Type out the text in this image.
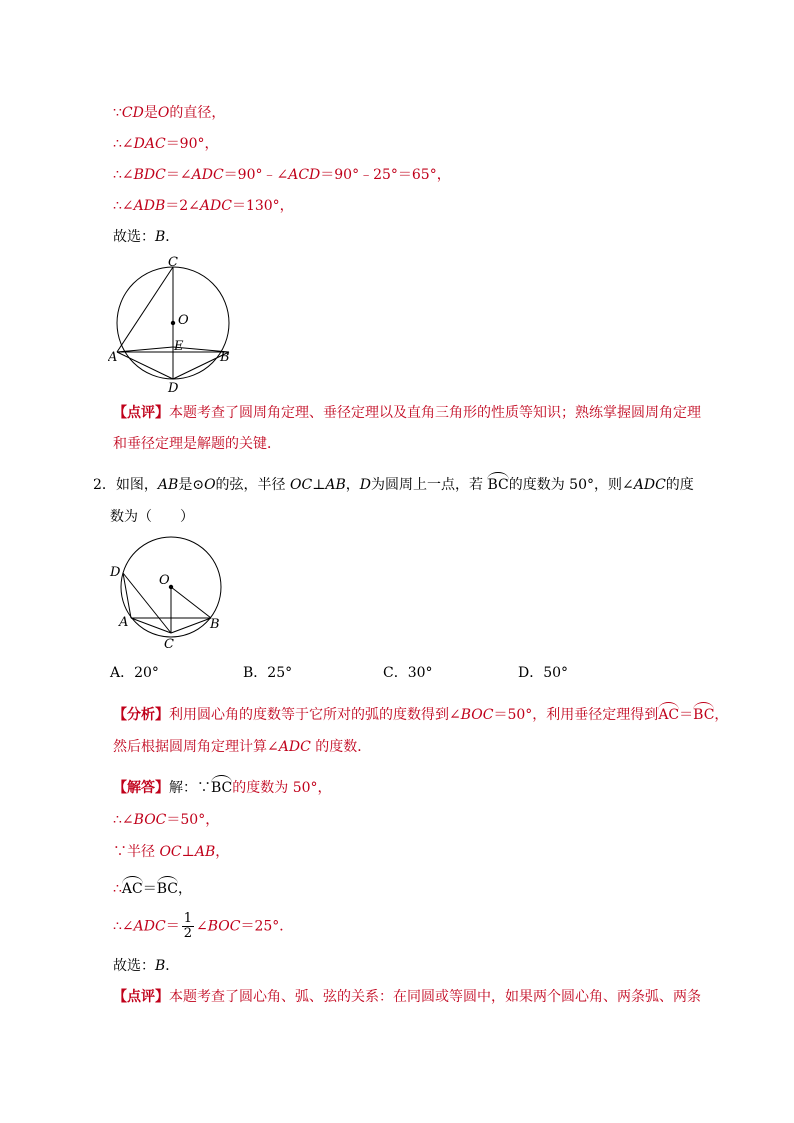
∵CD是O的直径，
∴∠DAC＝90°，
∴∠BDC＝∠ADC＝90°﹣∠ACD＝90°﹣25°＝65°，
∴∠ADB＝2∠ADC＝130°，
故选：B．
C
O
E
A	B
D
【点评】本题考查了圆周角定理、垂径定理以及直角三角形的性质等知识；熟练掌握圆周角定理
和垂径定理是解题的关键．
2．如图，AB是⊙O的弦，半径 OC⊥AB，D为圆周上一点，若 BC的度数为 50°，则∠ADC的度
数为（　　）
D
O
A	B
C
A．20°	B．25°	C．30°	D．50°
【分析】利用圆心角的度数等于它所对的弧的度数得到∠BOC＝50°，利用垂径定理得到AC＝BC，
然后根据圆周角定理计算∠ADC 的度数．
【解答】解：∵BC的度数为 50°，
∴∠BOC＝50°，
∵半径 OC⊥AB，
∴AC＝BC，
∴∠ADC＝ $\frac{1}{2}$ ∠BOC＝25°．
故选：B．
【点评】本题考查了圆心角、弧、弦的关系：在同圆或等圆中，如果两个圆心角、两条弧、两条
